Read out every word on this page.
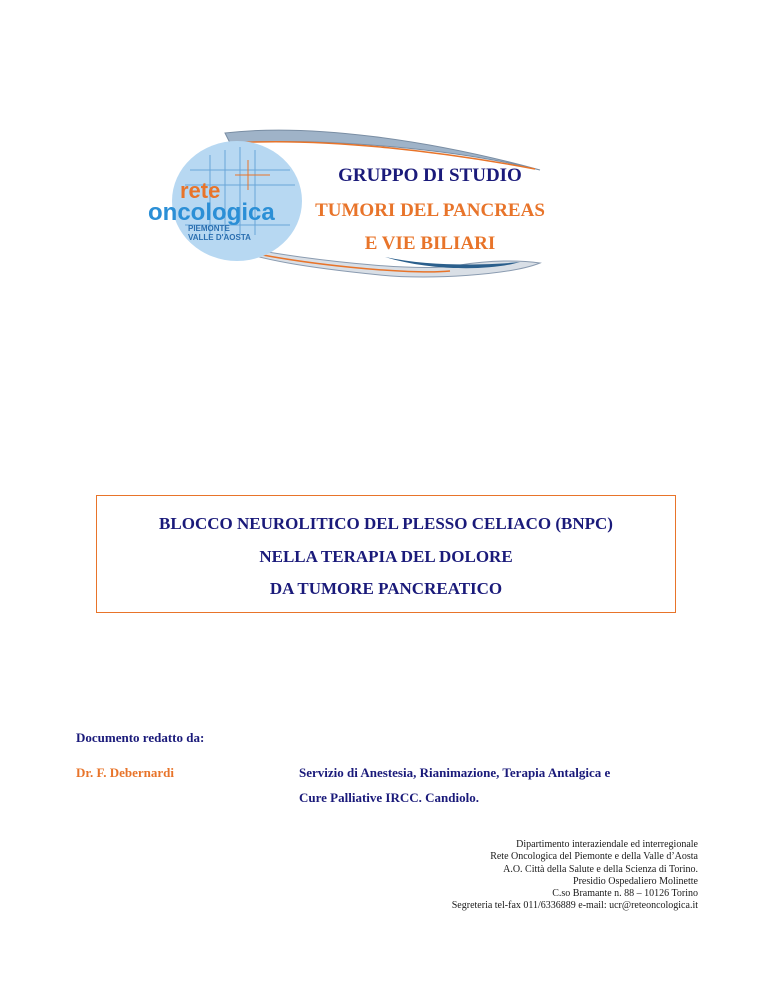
rete
oncologica
PIEMONTE
VALLE D'AOSTA
GRUPPO DI STUDIO
TUMORI DEL PANCREAS
E VIE BILIARI
BLOCCO NEUROLITICO DEL PLESSO CELIACO (BNPC)
NELLA TERAPIA DEL DOLORE
DA TUMORE PANCREATICO
Documento redatto da:
Dr. F. Debernardi	Servizio di Anestesia, Rianimazione, Terapia Antalgica e
Cure Palliative IRCC. Candiolo.
Dipartimento interaziendale ed interregionale
Rete Oncologica del Piemonte e della Valle d’Aosta
A.O. Città della Salute e della Scienza di Torino.
Presidio Ospedaliero Molinette
C.so Bramante n. 88 – 10126 Torino
Segreteria tel-fax 011/6336889 e-mail: ucr@reteoncologica.it
